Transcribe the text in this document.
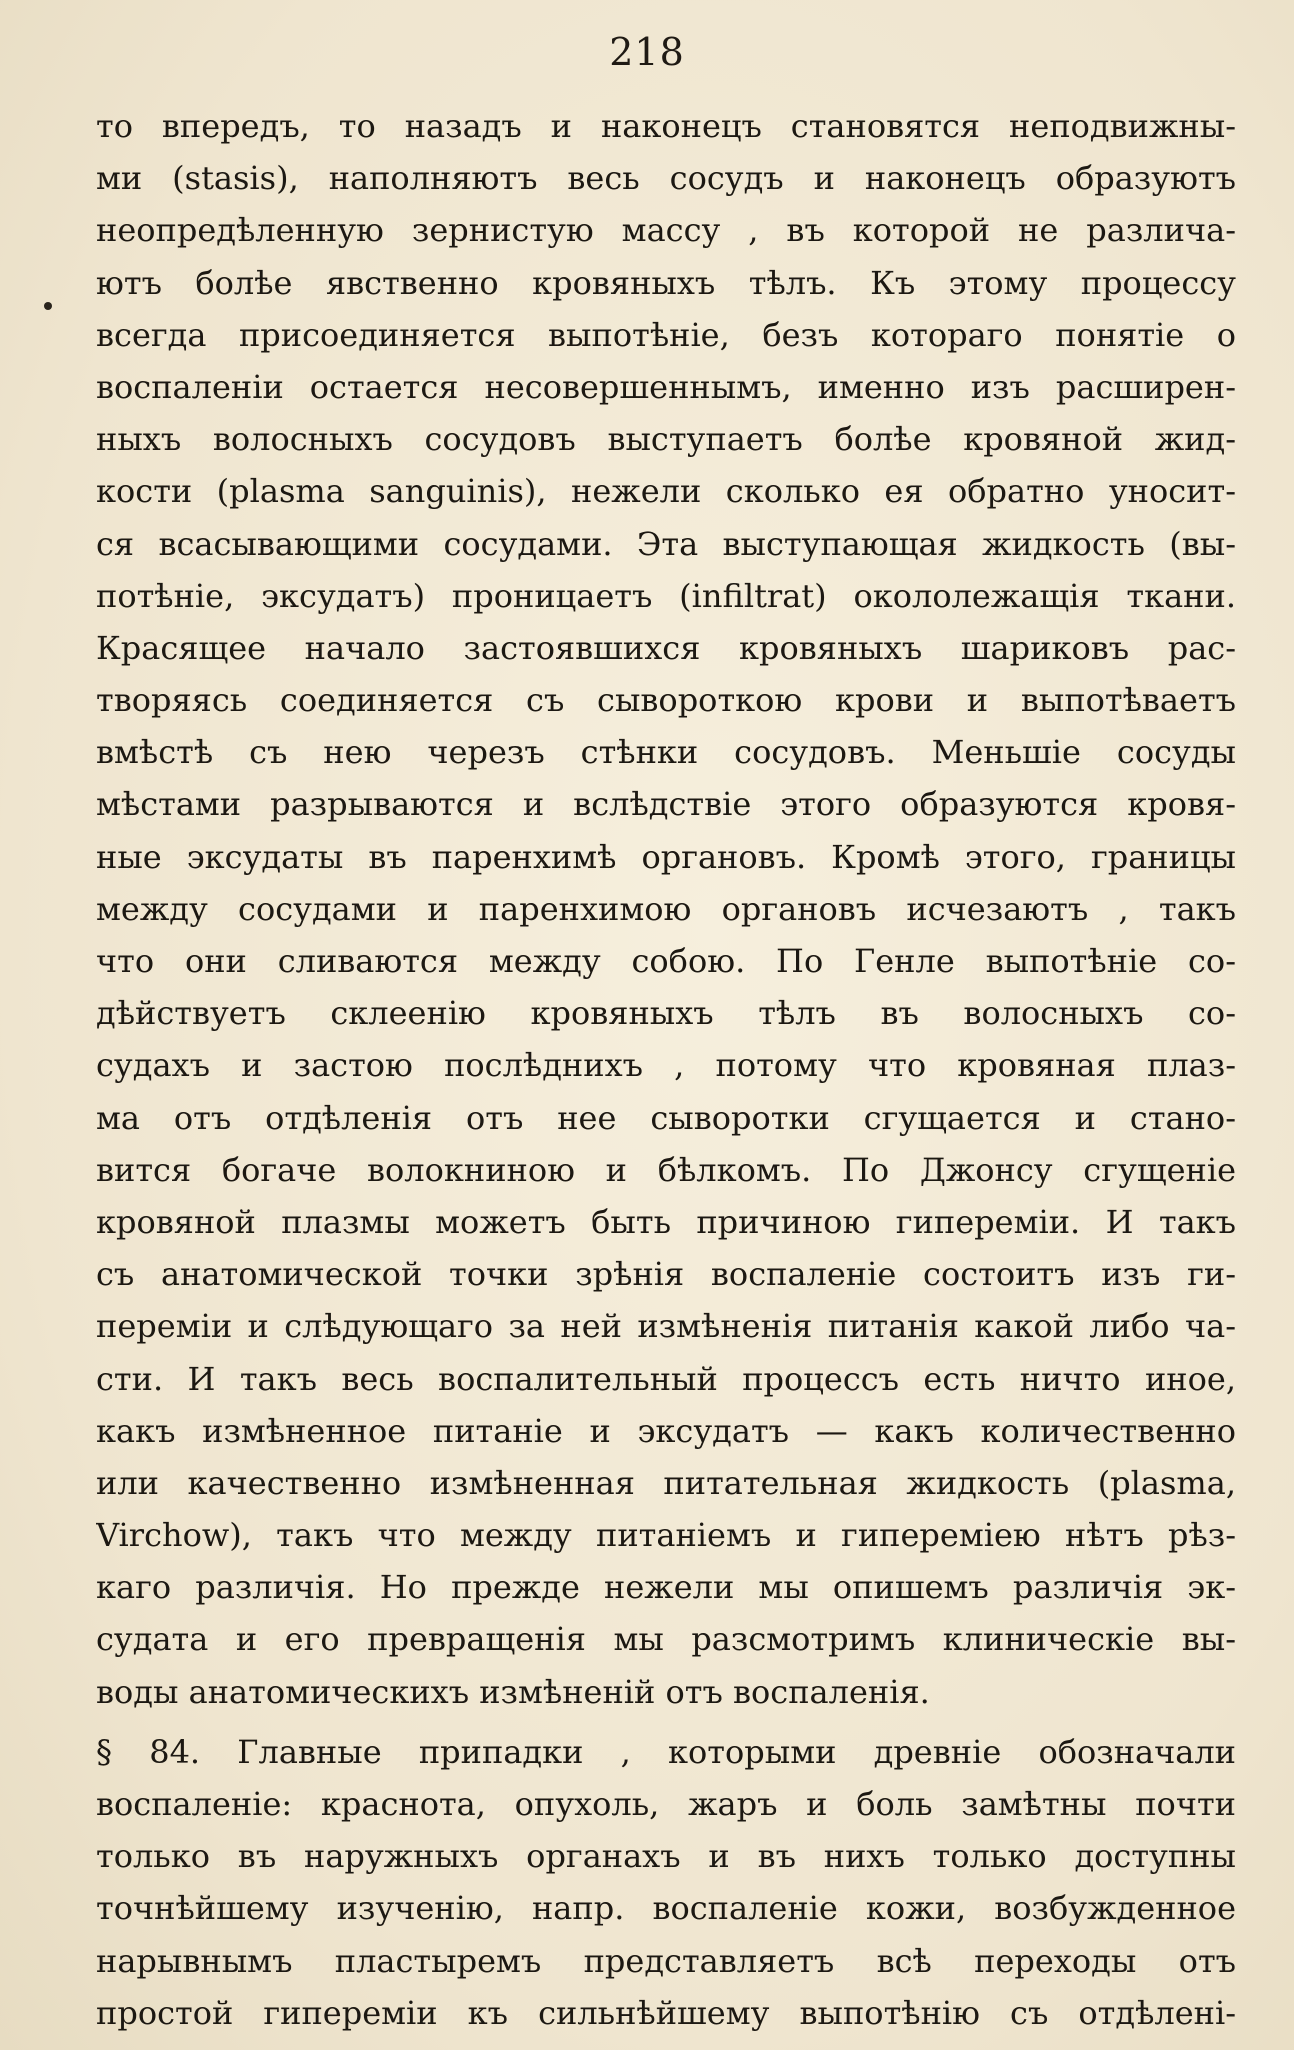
218
то впередъ, то назадъ и наконецъ становятся неподвижны-
ми (stasis), наполняютъ весь сосудъ и наконецъ образуютъ
неопредѣленную зернистую массу , въ которой не различа-
ютъ болѣе явственно кровяныхъ тѣлъ. Къ этому процессу
всегда присоединяется выпотѣніе, безъ котораго понятіе о
воспаленіи остается несовершеннымъ, именно изъ расширен-
ныхъ волосныхъ сосудовъ выступаетъ болѣе кровяной жид-
кости (plasma sanguinis), нежели сколько ея обратно уносит-
ся всасывающими сосудами. Эта выступающая жидкость (вы-
потѣніе, эксудатъ) проницаетъ (infiltrat) окололежащія ткани.
Красящее начало застоявшихся кровяныхъ шариковъ рас-
творяясь соединяется съ сывороткою крови и выпотѣваетъ
вмѣстѣ съ нею черезъ стѣнки сосудовъ. Меньшіе сосуды
мѣстами разрываются и вслѣдствіе этого образуются кровя-
ные эксудаты въ паренхимѣ органовъ. Кромѣ этого, границы
между сосудами и паренхимою органовъ исчезаютъ , такъ
что они сливаются между собою. По Генле выпотѣніе со-
дѣйствуетъ склеенію кровяныхъ тѣлъ въ волосныхъ со-
судахъ и застою послѣднихъ , потому что кровяная плаз-
ма отъ отдѣленія отъ нее сыворотки сгущается и стано-
вится богаче волокниною и бѣлкомъ. По Джонсу сгущеніе
кровяной плазмы можетъ быть причиною гипереміи. И такъ
съ анатомической точки зрѣнія воспаленіе состоитъ изъ ги-
переміи и слѣдующаго за ней измѣненія питанія какой либо ча-
сти. И такъ весь воспалительный процессъ есть ничто иное,
какъ измѣненное питаніе и эксудатъ — какъ количественно
или качественно измѣненная питательная жидкость (plasma,
Virchow), такъ что между питаніемъ и гипереміею нѣтъ рѣз-
каго различія. Но прежде нежели мы опишемъ различія эк-
судата и его превращенія мы разсмотримъ клиническіе вы-
воды анатомическихъ измѣненій отъ воспаленія.
§ 84. Главные припадки , которыми древніе обозначали
воспаленіе: краснота, опухоль, жаръ и боль замѣтны почти
только въ наружныхъ органахъ и въ нихъ только доступны
точнѣйшему изученію, напр. воспаленіе кожи, возбужденное
нарывнымъ пластыремъ представляетъ всѣ переходы отъ
простой гипереміи къ сильнѣйшему выпотѣнію съ отдѣлені-
